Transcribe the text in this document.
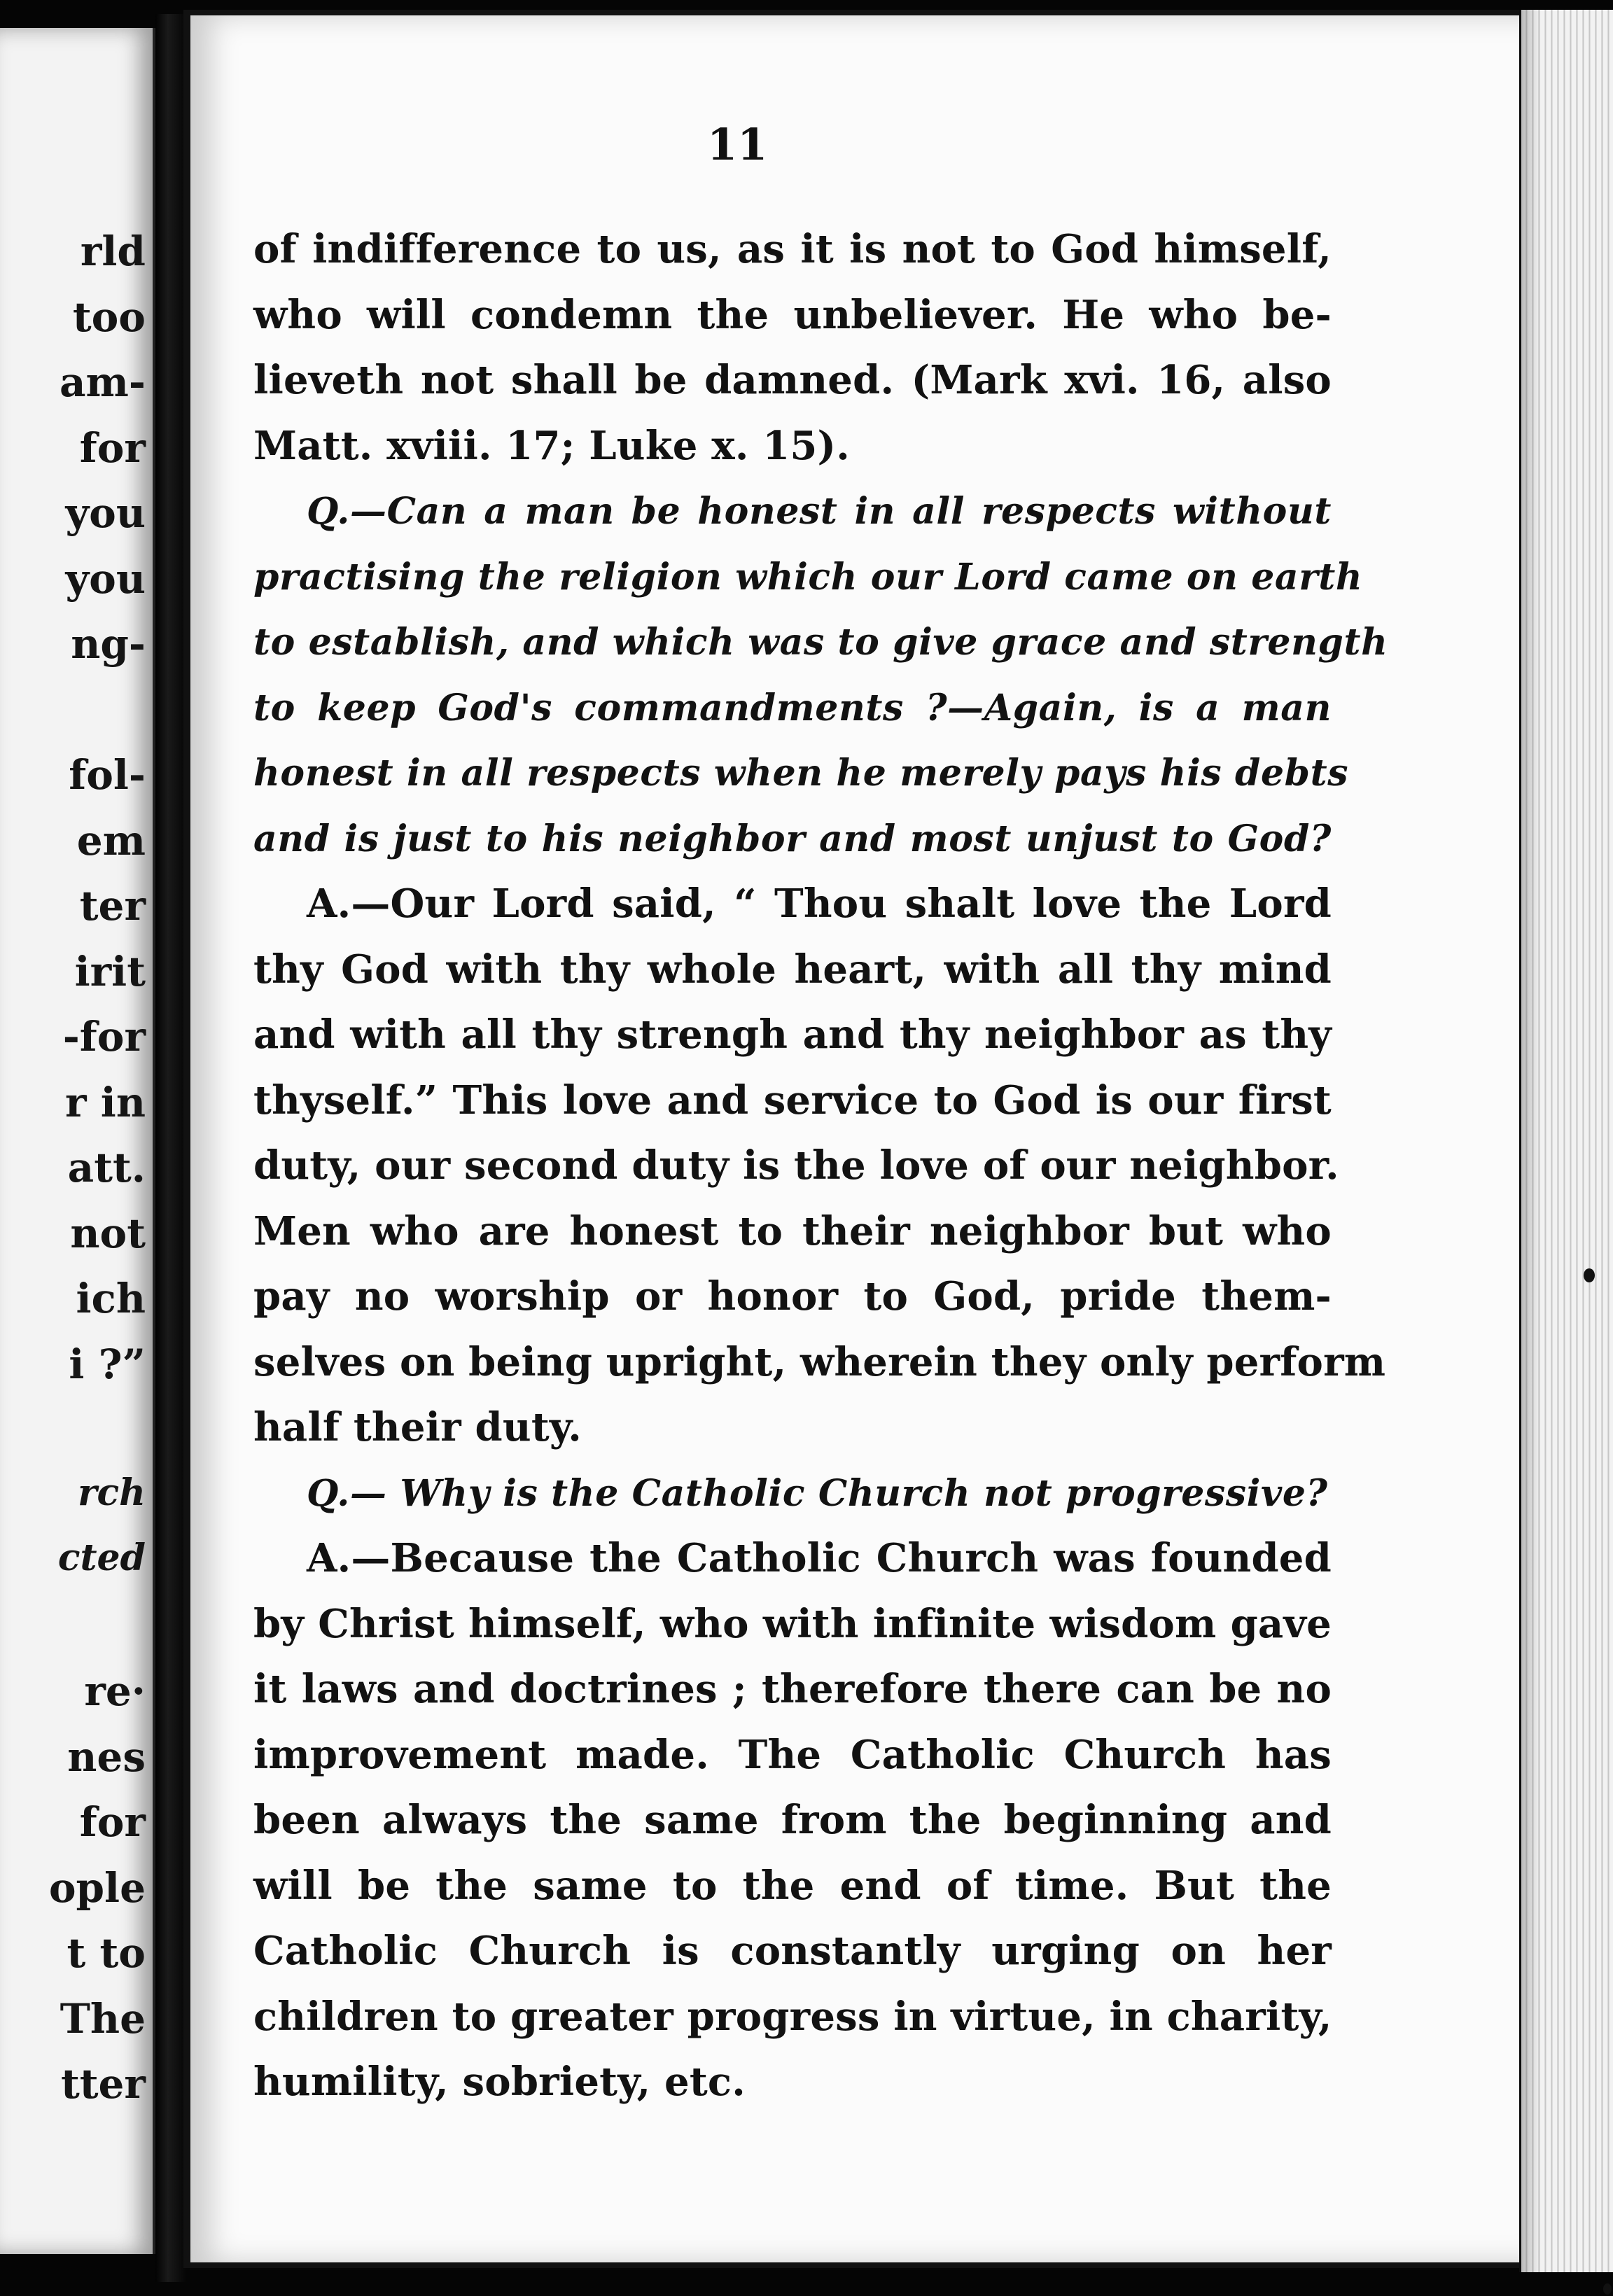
rld
too
am-
for
you
you
ng-
fol-
em
ter
irit
-for
r in
att.
not
ich
i ?”
rch
cted
re·
nes
for
ople
t to
The
tter
11
of indifference to us, as it is not to God himself,
who will condemn the unbeliever. He who be-
lieveth not shall be damned. (Mark xvi. 16, also
Matt. xviii. 17; Luke x. 15).
Q.—Can a man be honest in all respects without
practising the religion which our Lord came on earth
to establish, and which was to give grace and strength
to keep God's commandments ?—Again, is a man
honest in all respects when he merely pays his debts
and is just to his neighbor and most unjust to God?
A.—Our Lord said, “ Thou shalt love the Lord
thy God with thy whole heart, with all thy mind
and with all thy strengh and thy neighbor as thy
thyself.” This love and service to God is our first
duty, our second duty is the love of our neighbor.
Men who are honest to their neighbor but who
pay no worship or honor to God, pride them-
selves on being upright, wherein they only perform
half their duty.
Q.— Why is the Catholic Church not progressive?
A.—Because the Catholic Church was founded
by Christ himself, who with infinite wisdom gave
it laws and doctrines ; therefore there can be no
improvement made. The Catholic Church has
been always the same from the beginning and
will be the same to the end of time. But the
Catholic Church is constantly urging on her
children to greater progress in virtue, in charity,
humility, sobriety, etc.
